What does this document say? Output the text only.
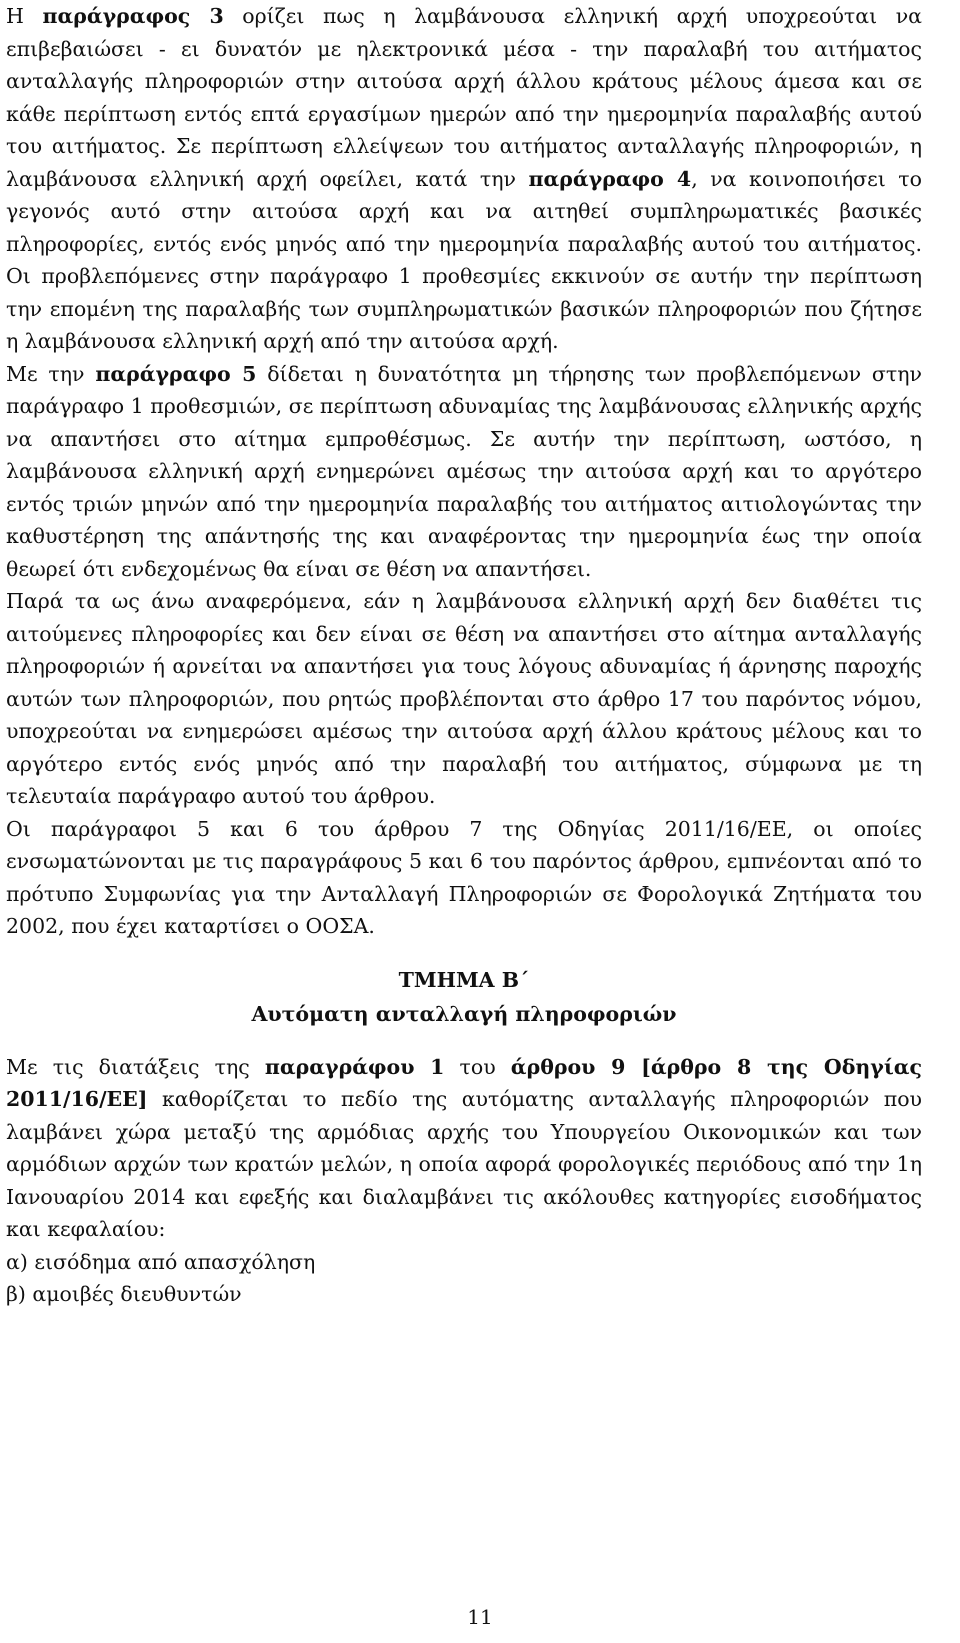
Η παράγραφος 3 ορίζει πως η λαμβάνουσα ελληνική αρχή υποχρεούται να επιβεβαιώσει - ει δυνατόν με ηλεκτρονικά μέσα - την παραλαβή του αιτήματος ανταλλαγής πληροφοριών στην αιτούσα αρχή άλλου κράτους μέλους άμεσα και σε κάθε περίπτωση εντός επτά εργασίμων ημερών από την ημερομηνία παραλαβής αυτού του αιτήματος. Σε περίπτωση ελλείψεων του αιτήματος ανταλλαγής πληροφοριών, η λαμβάνουσα ελληνική αρχή οφείλει, κατά την παράγραφο 4, να κοινοποιήσει το γεγονός αυτό στην αιτούσα αρχή και να αιτηθεί συμπληρωματικές βασικές πληροφορίες, εντός ενός μηνός από την ημερομηνία παραλαβής αυτού του αιτήματος. Οι προβλεπόμενες στην παράγραφο 1 προθεσμίες εκκινούν σε αυτήν την περίπτωση την επομένη της παραλαβής των συμπληρωματικών βασικών πληροφοριών που ζήτησε η λαμβάνουσα ελληνική αρχή από την αιτούσα αρχή.

Με την παράγραφο 5 δίδεται η δυνατότητα μη τήρησης των προβλεπόμενων στην παράγραφο 1 προθεσμιών, σε περίπτωση αδυναμίας της λαμβάνουσας ελληνικής αρχής να απαντήσει στο αίτημα εμπροθέσμως. Σε αυτήν την περίπτωση, ωστόσο, η λαμβάνουσα ελληνική αρχή ενημερώνει αμέσως την αιτούσα αρχή και το αργότερο εντός τριών μηνών από την ημερομηνία παραλαβής του αιτήματος αιτιολογώντας την καθυστέρηση της απάντησής της και αναφέροντας την ημερομηνία έως την οποία θεωρεί ότι ενδεχομένως θα είναι σε θέση να απαντήσει.

Παρά τα ως άνω αναφερόμενα, εάν η λαμβάνουσα ελληνική αρχή δεν διαθέτει τις αιτούμενες πληροφορίες και δεν είναι σε θέση να απαντήσει στο αίτημα ανταλλαγής πληροφοριών ή αρνείται να απαντήσει για τους λόγους αδυναμίας ή άρνησης παροχής αυτών των πληροφοριών, που ρητώς προβλέπονται στο άρθρο 17 του παρόντος νόμου, υποχρεούται να ενημερώσει αμέσως την αιτούσα αρχή άλλου κράτους μέλους και το αργότερο εντός ενός μηνός από την παραλαβή του αιτήματος, σύμφωνα με τη τελευταία παράγραφο αυτού του άρθρου.

Οι παράγραφοι 5 και 6 του άρθρου 7 της Οδηγίας 2011/16/ΕΕ, οι οποίες ενσωματώνονται με τις παραγράφους 5 και 6 του παρόντος άρθρου, εμπνέονται από το πρότυπο Συμφωνίας για την Ανταλλαγή Πληροφοριών σε Φορολογικά Ζητήματα του 2002, που έχει καταρτίσει ο ΟΟΣΑ.

ΤΜΗΜΑ Β΄
Αυτόματη ανταλλαγή πληροφοριών

Με τις διατάξεις της παραγράφου 1 του άρθρου 9 [άρθρο 8 της Οδηγίας 2011/16/ΕΕ] καθορίζεται το πεδίο της αυτόματης ανταλλαγής πληροφοριών που λαμβάνει χώρα μεταξύ της αρμόδιας αρχής του Υπουργείου Οικονομικών και των αρμόδιων αρχών των κρατών μελών, η οποία αφορά φορολογικές περιόδους από την 1η Ιανουαρίου 2014 και εφεξής και διαλαμβάνει τις ακόλουθες κατηγορίες εισοδήματος και κεφαλαίου:

α) εισόδημα από απασχόληση
β) αμοιβές διευθυντών
11
